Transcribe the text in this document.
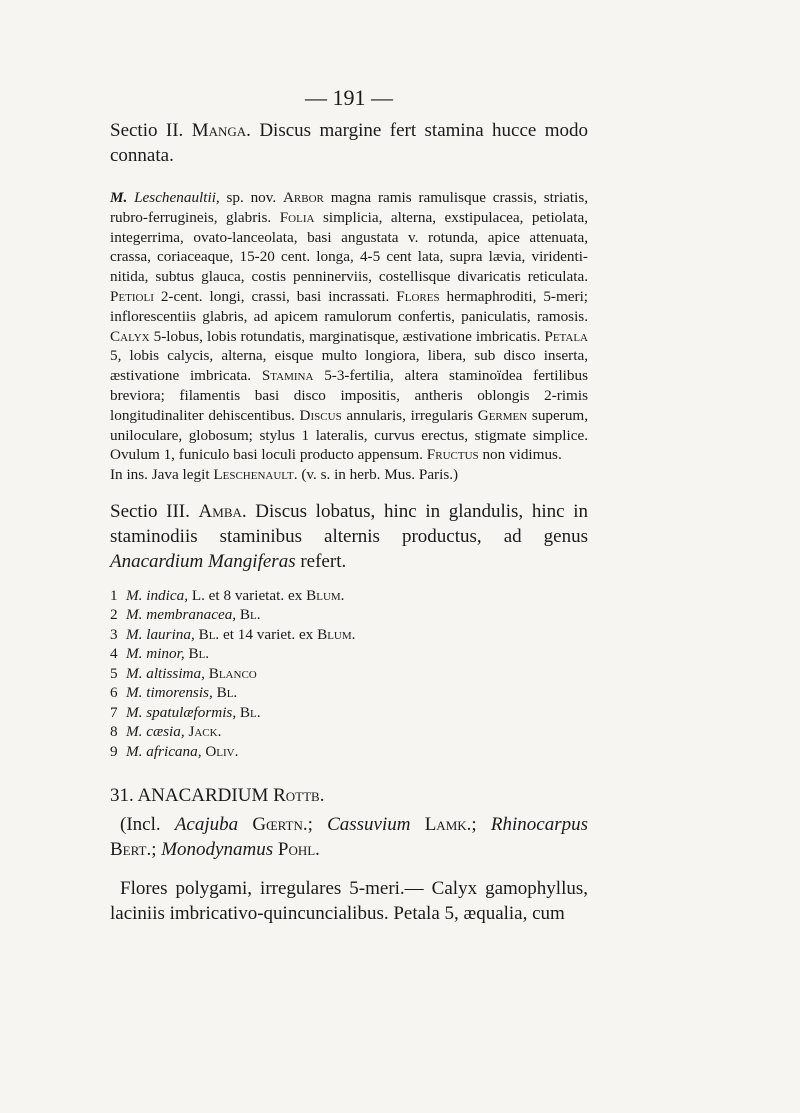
— 191 —

Sectio II. Manga. Discus margine fert stamina hucce modo connata.

M. Leschenaultii, sp. nov. Arbor magna ramis ramulisque crassis, striatis, rubro-ferrugineis, glabris. Folia simplicia, alterna, exstipulacea, petiolata, integerrima, ovato-lanceolata, basi angustata v. rotunda, apice attenuata, crassa, coriaceaque, 15-20 cent. longa, 4-5 cent lata, supra lævia, viridenti-nitida, subtus glauca, costis penninerviis, costellisque divaricatis reticulata. Petioli 2-cent. longi, crassi, basi incrassati. Flores hermaphroditi, 5-meri; inflorescentiis glabris, ad apicem ramulorum confertis, paniculatis, ramosis. Calyx 5-lobus, lobis rotundatis, marginatisque, æstivatione imbricatis. Petala 5, lobis calycis, alterna, eisque multo longiora, libera, sub disco inserta, æstivatione imbricata. Stamina 5-3-fertilia, altera staminoïdea fertilibus breviora; filamentis basi disco impositis, antheris oblongis 2-rimis longitudinaliter dehiscentibus. Discus annularis, irregularis Germen superum, uniloculare, globosum; stylus 1 lateralis, curvus erectus, stigmate simplice. Ovulum 1, funiculo basi loculi producto appensum. Fructus non vidimus.

In ins. Java legit Leschenault. (v. s. in herb. Mus. Paris.)

Sectio III. Amba. Discus lobatus, hinc in glandulis, hinc in staminodiis staminibus alternis productus, ad genus Anacardium Mangiferas refert.

1 M. indica, L. et 8 varietat. ex Blum.
2 M. membranacea, Bl.
3 M. laurina, Bl. et 14 variet. ex Blum.
4 M. minor, Bl.
5 M. altissima, Blanco
6 M. timorensis, Bl.
7 M. spatulæformis, Bl.
8 M. cæsia, Jack.
9 M. africana, Oliv.
31. ANACARDIUM Rottb.

(Incl. Acajuba Gœrtn.; Cassuvium Lamk.; Rhinocarpus Bert.; Monodynamus Pohl.

Flores polygami, irregulares 5-meri.— Calyx gamophyllus, laciniis imbricativo-quincuncialibus. Petala 5, æqualia, cum
